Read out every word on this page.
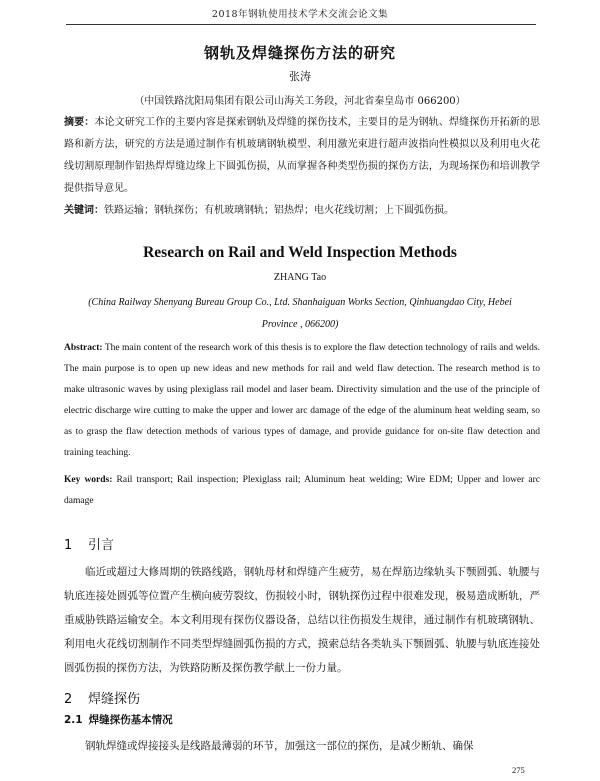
2018年钢轨使用技术学术交流会论文集
钢轨及焊缝探伤方法的研究
张涛
（中国铁路沈阳局集团有限公司山海关工务段，河北省秦皇岛市 066200）
摘要：本论文研究工作的主要内容是探索钢轨及焊缝的探伤技术，主要目的是为钢轨、焊缝探伤开拓新的思路和新方法，研究的方法是通过制作有机玻璃钢轨模型、利用激光束进行超声波指向性模拟以及利用电火花线切割原理制作铝热焊焊缝边缘上下圆弧伤损，从而掌握各种类型伤损的探伤方法，为现场探伤和培训教学提供指导意见。
关键词：铁路运输；钢轨探伤；有机玻璃钢轨；铝热焊；电火花线切割；上下圆弧伤损。
Research on Rail and Weld Inspection Methods
ZHANG Tao
(China Railway Shenyang Bureau Group Co., Ltd. Shanhaiguan Works Section, Qinhuangdao City, Hebei Province , 066200)
Abstract: The main content of the research work of this thesis is to explore the flaw detection technology of rails and welds. The main purpose is to open up new ideas and new methods for rail and weld flaw detection. The research method is to make ultrasonic waves by using plexiglass rail model and laser beam. Directivity simulation and the use of the principle of electric discharge wire cutting to make the upper and lower arc damage of the edge of the aluminum heat welding seam, so as to grasp the flaw detection methods of various types of damage, and provide guidance for on-site flaw detection and training teaching.
Key words: Rail transport; Rail inspection; Plexiglass rail; Aluminum heat welding; Wire EDM; Upper and lower arc damage
1 引言
临近或超过大修周期的铁路线路，钢轨母材和焊缝产生疲劳，易在焊筋边缘轨头下颚圆弧、轨腰与轨底连接处圆弧等位置产生横向疲劳裂纹，伤损较小时，钢轨探伤过程中很难发现，极易造成断轨，严重威胁铁路运输安全。本文利用现有探伤仪器设备，总结以往伤损发生规律，通过制作有机玻璃钢轨、利用电火花线切割制作不同类型焊缝圆弧伤损的方式，摸索总结各类轨头下颚圆弧、轨腰与轨底连接处圆弧伤损的探伤方法，为铁路防断及探伤教学献上一份力量。
2 焊缝探伤
2.1 焊缝探伤基本情况
钢轨焊缝或焊接接头是线路最薄弱的环节，加强这一部位的探伤，是减少断轨、确保
275
